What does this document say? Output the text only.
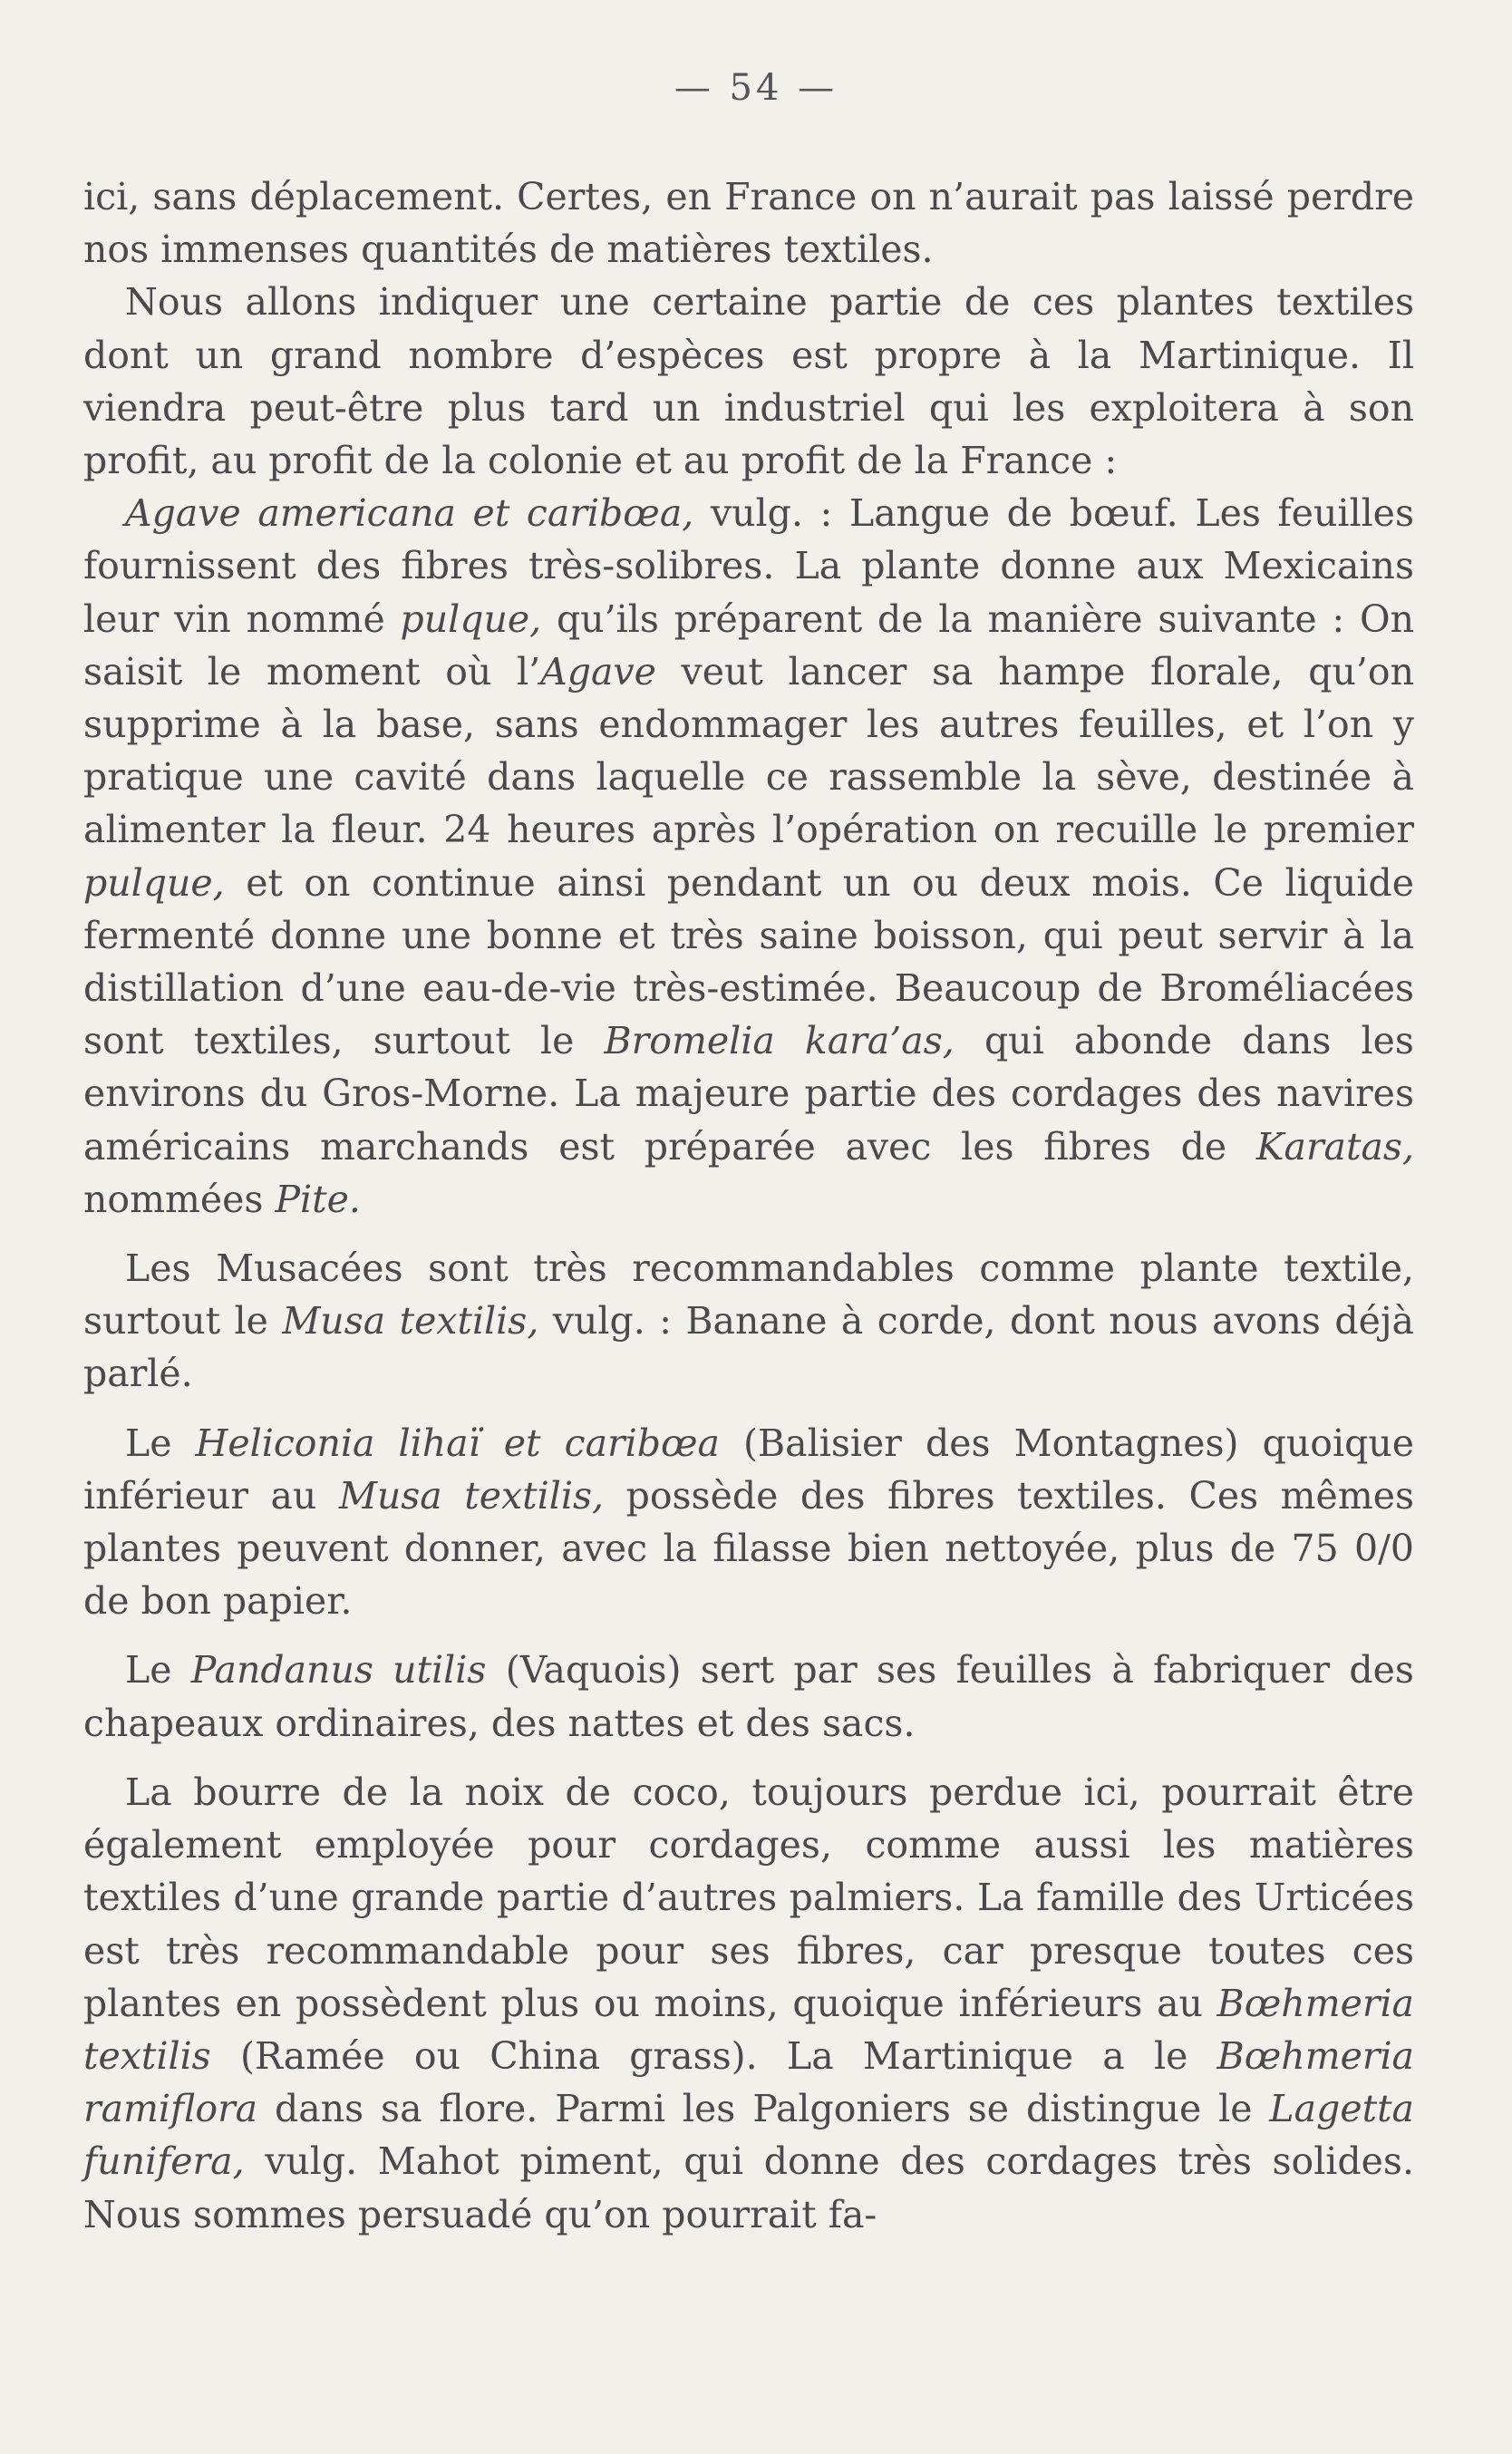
— 54 —

ici, sans déplacement. Certes, en France on n’aurait pas laissé perdre nos immenses quantités de matières textiles.

Nous allons indiquer une certaine partie de ces plantes textiles dont un grand nombre d’espèces est propre à la Martinique. Il viendra peut-être plus tard un industriel qui les exploitera à son profit, au profit de la colonie et au profit de la France :

Agave americana et caribœa, vulg. : Langue de bœuf. Les feuilles fournissent des fibres très-solibres. La plante donne aux Mexicains leur vin nommé pulque, qu’ils préparent de la manière suivante : On saisit le moment où l’Agave veut lancer sa hampe florale, qu’on supprime à la base, sans endommager les autres feuilles, et l’on y pratique une cavité dans laquelle ce rassemble la sève, destinée à alimenter la fleur. 24 heures après l’opération on recuille le premier pulque, et on continue ainsi pendant un ou deux mois. Ce liquide fermenté donne une bonne et très saine boisson, qui peut servir à la distillation d’une eau-de-vie très-estimée. Beaucoup de Broméliacées sont textiles, surtout le Bromelia kara’as, qui abonde dans les environs du Gros-Morne. La majeure partie des cordages des navires américains marchands est préparée avec les fibres de Karatas, nommées Pite.

Les Musacées sont très recommandables comme plante textile, surtout le Musa textilis, vulg. : Banane à corde, dont nous avons déjà parlé.

Le Heliconia lihaï et caribœa (Balisier des Montagnes) quoique inférieur au Musa textilis, possède des fibres textiles. Ces mêmes plantes peuvent donner, avec la filasse bien nettoyée, plus de 75 0/0 de bon papier.

Le Pandanus utilis (Vaquois) sert par ses feuilles à fabriquer des chapeaux ordinaires, des nattes et des sacs.

La bourre de la noix de coco, toujours perdue ici, pourrait être également employée pour cordages, comme aussi les matières textiles d’une grande partie d’autres palmiers. La famille des Urticées est très recommandable pour ses fibres, car presque toutes ces plantes en possèdent plus ou moins, quoique inférieurs au Bœhmeria textilis (Ramée ou China grass). La Martinique a le Bœhmeria ramiflora dans sa flore. Parmi les Palgoniers se distingue le Lagetta funifera, vulg. Mahot piment, qui donne des cordages très solides. Nous sommes persuadé qu’on pourrait fa-
